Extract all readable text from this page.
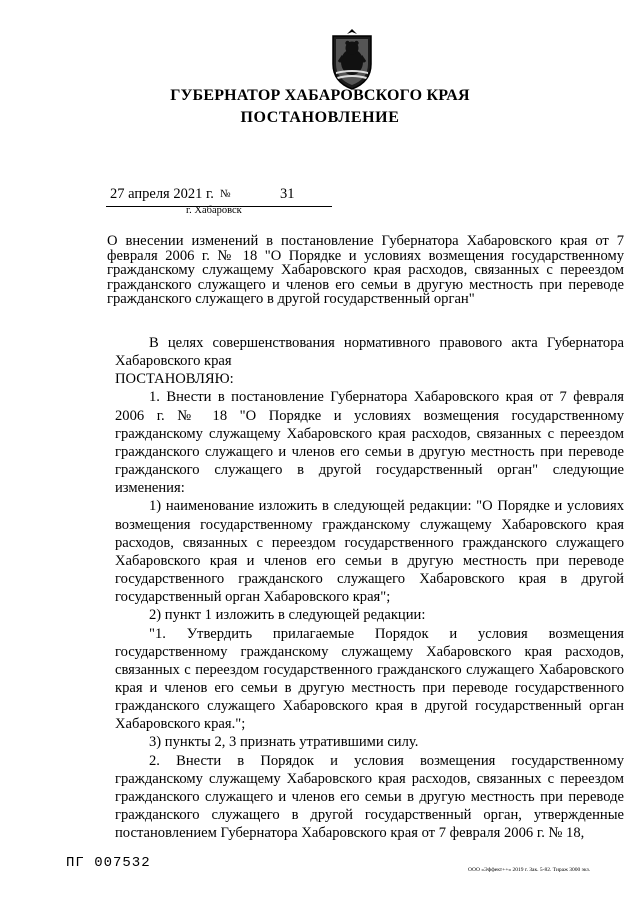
ГУБЕРНАТОР ХАБАРОВСКОГО КРАЯ
ПОСТАНОВЛЕНИЕ
27 апреля 2021 г. №	31
г. Хабаровск
О внесении изменений в постановление Губернатора Хабаровского края от 7 февраля 2006 г. № 18 "О Порядке и условиях возмещения государственному гражданскому служащему Хабаровского края расходов, связанных с переездом гражданского служащего и членов его семьи в другую местность при переводе гражданского служащего в другой государственный орган"

В целях совершенствования нормативного правового акта Губернатора Хабаровского края

ПОСТАНОВЛЯЮ:

1. Внести в постановление Губернатора Хабаровского края от 7 февраля 2006 г. № 18 "О Порядке и условиях возмещения государственному гражданскому служащему Хабаровского края расходов, связанных с переездом гражданского служащего и членов его семьи в другую местность при переводе гражданского служащего в другой государственный орган" следующие изменения:

1) наименование изложить в следующей редакции: "О Порядке и условиях возмещения государственному гражданскому служащему Хабаровского края расходов, связанных с переездом государственного гражданского служащего Хабаровского края и членов его семьи в другую местность при переводе государственного гражданского служащего Хабаровского края в другой государственный орган Хабаровского края";

2) пункт 1 изложить в следующей редакции:

"1. Утвердить прилагаемые Порядок и условия возмещения государственному гражданскому служащему Хабаровского края расходов, связанных с переездом государственного гражданского служащего Хабаровского края и членов его семьи в другую местность при переводе государственного гражданского служащего Хабаровского края в другой государственный орган Хабаровского края.";

3) пункты 2, 3 признать утратившими силу.

2. Внести в Порядок и условия возмещения государственному гражданскому служащему Хабаровского края расходов, связанных с переездом гражданского служащего и членов его семьи в другую местность при переводе гражданского служащего в другой государственный орган, утвержденные постановлением Губернатора Хабаровского края от 7 февраля 2006 г. № 18,

ПГ 007532	ООО «Эффект++» 2019 г. Зак. 5-82. Тираж 3000 экз.
